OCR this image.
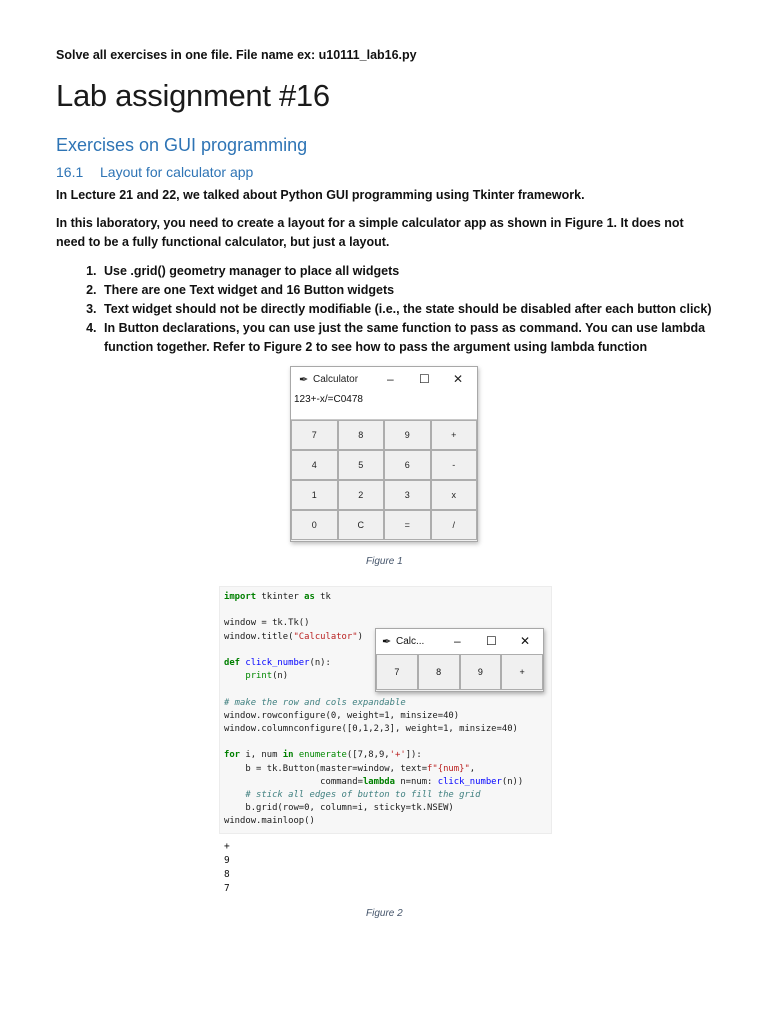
Solve all exercises in one file. File name ex: u10111_lab16.py
Lab assignment #16
Exercises on GUI programming
16.1 Layout for calculator app
In Lecture 21 and 22, we talked about Python GUI programming using Tkinter framework.
In this laboratory, you need to create a layout for a simple calculator app as shown in Figure 1. It does not need to be a fully functional calculator, but just a layout.
1. Use .grid() geometry manager to place all widgets
2. There are one Text widget and 16 Button widgets
3. Text widget should not be directly modifiable (i.e., the state should be disabled after each button click)
4. In Button declarations, you can use just the same function to pass as command. You can use lambda function together. Refer to Figure 2 to see how to pass the argument using lambda function
✒ Calculator – ☐ ✕
123+-x/=C0478
7	8	9	+
4	5	6	-
1	2	3	x
0	C	=	/
Figure 1
import tkinter as tk
window = tk.Tk()
window.title("Calculator")
def click_number(n):
print(n)
# make the row and cols expandable
window.rowconfigure(0, weight=1, minsize=40)
window.columnconfigure([0,1,2,3], weight=1, minsize=40)
for i, num in enumerate([7,8,9,'+']):
b = tk.Button(master=window, text=f"{num}",
command=lambda n=num: click_number(n))
# stick all edges of button to fill the grid
b.grid(row=0, column=i, sticky=tk.NSEW)
window.mainloop()
✒ Calc... – ☐ ✕
7	8	9	+
+
9
8
7
Figure 2
